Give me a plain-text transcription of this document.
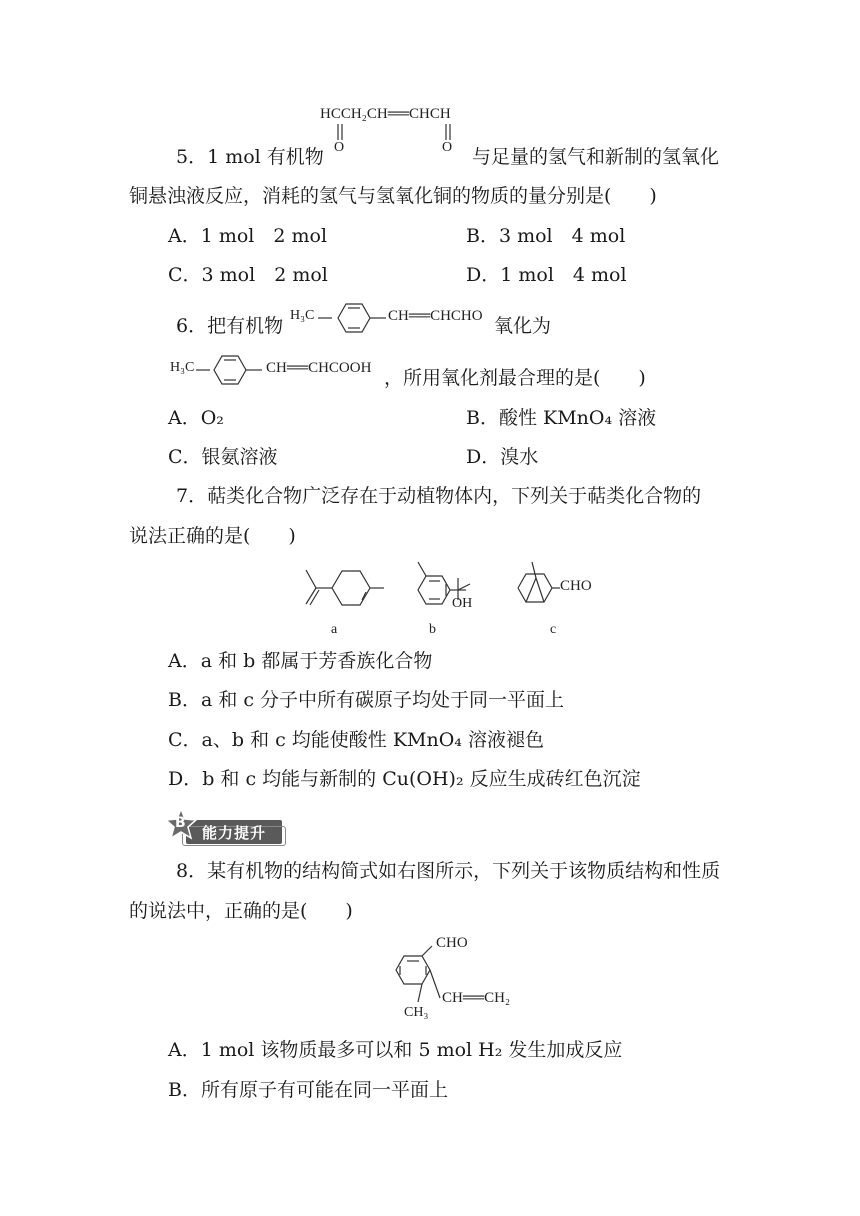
HCCH₂CH══CHCH
O	O
5．1 mol 有机物	与足量的氢气和新制的氢氧化
铜悬浊液反应，消耗的氢气与氢氧化铜的物质的量分别是(　　)
A．1 mol　2 mol	B．3 mol　4 mol
C．3 mol　2 mol	D．1 mol　4 mol
6．把有机物 H₃C	CH══CHCHO 氧化为
H₃C	CH══CHCOOH ，所用氧化剂最合理的是(　　)
A．O₂	B．酸性 KMnO₄ 溶液
C．银氨溶液	D．溴水
7．萜类化合物广泛存在于动植物体内，下列关于萜类化合物的
说法正确的是(　　)
OH
CHO
a	b	c
A．a 和 b 都属于芳香族化合物
B．a 和 c 分子中所有碳原子均处于同一平面上
C．a、b 和 c 均能使酸性 KMnO₄ 溶液褪色
D．b 和 c 均能与新制的 Cu(OH)₂ 反应生成砖红色沉淀
B
能力提升
8．某有机物的结构简式如右图所示，下列关于该物质结构和性质
的说法中，正确的是(　　)
CHO
CH══CH₂
CH₃
A．1 mol 该物质最多可以和 5 mol H₂ 发生加成反应
B．所有原子有可能在同一平面上
